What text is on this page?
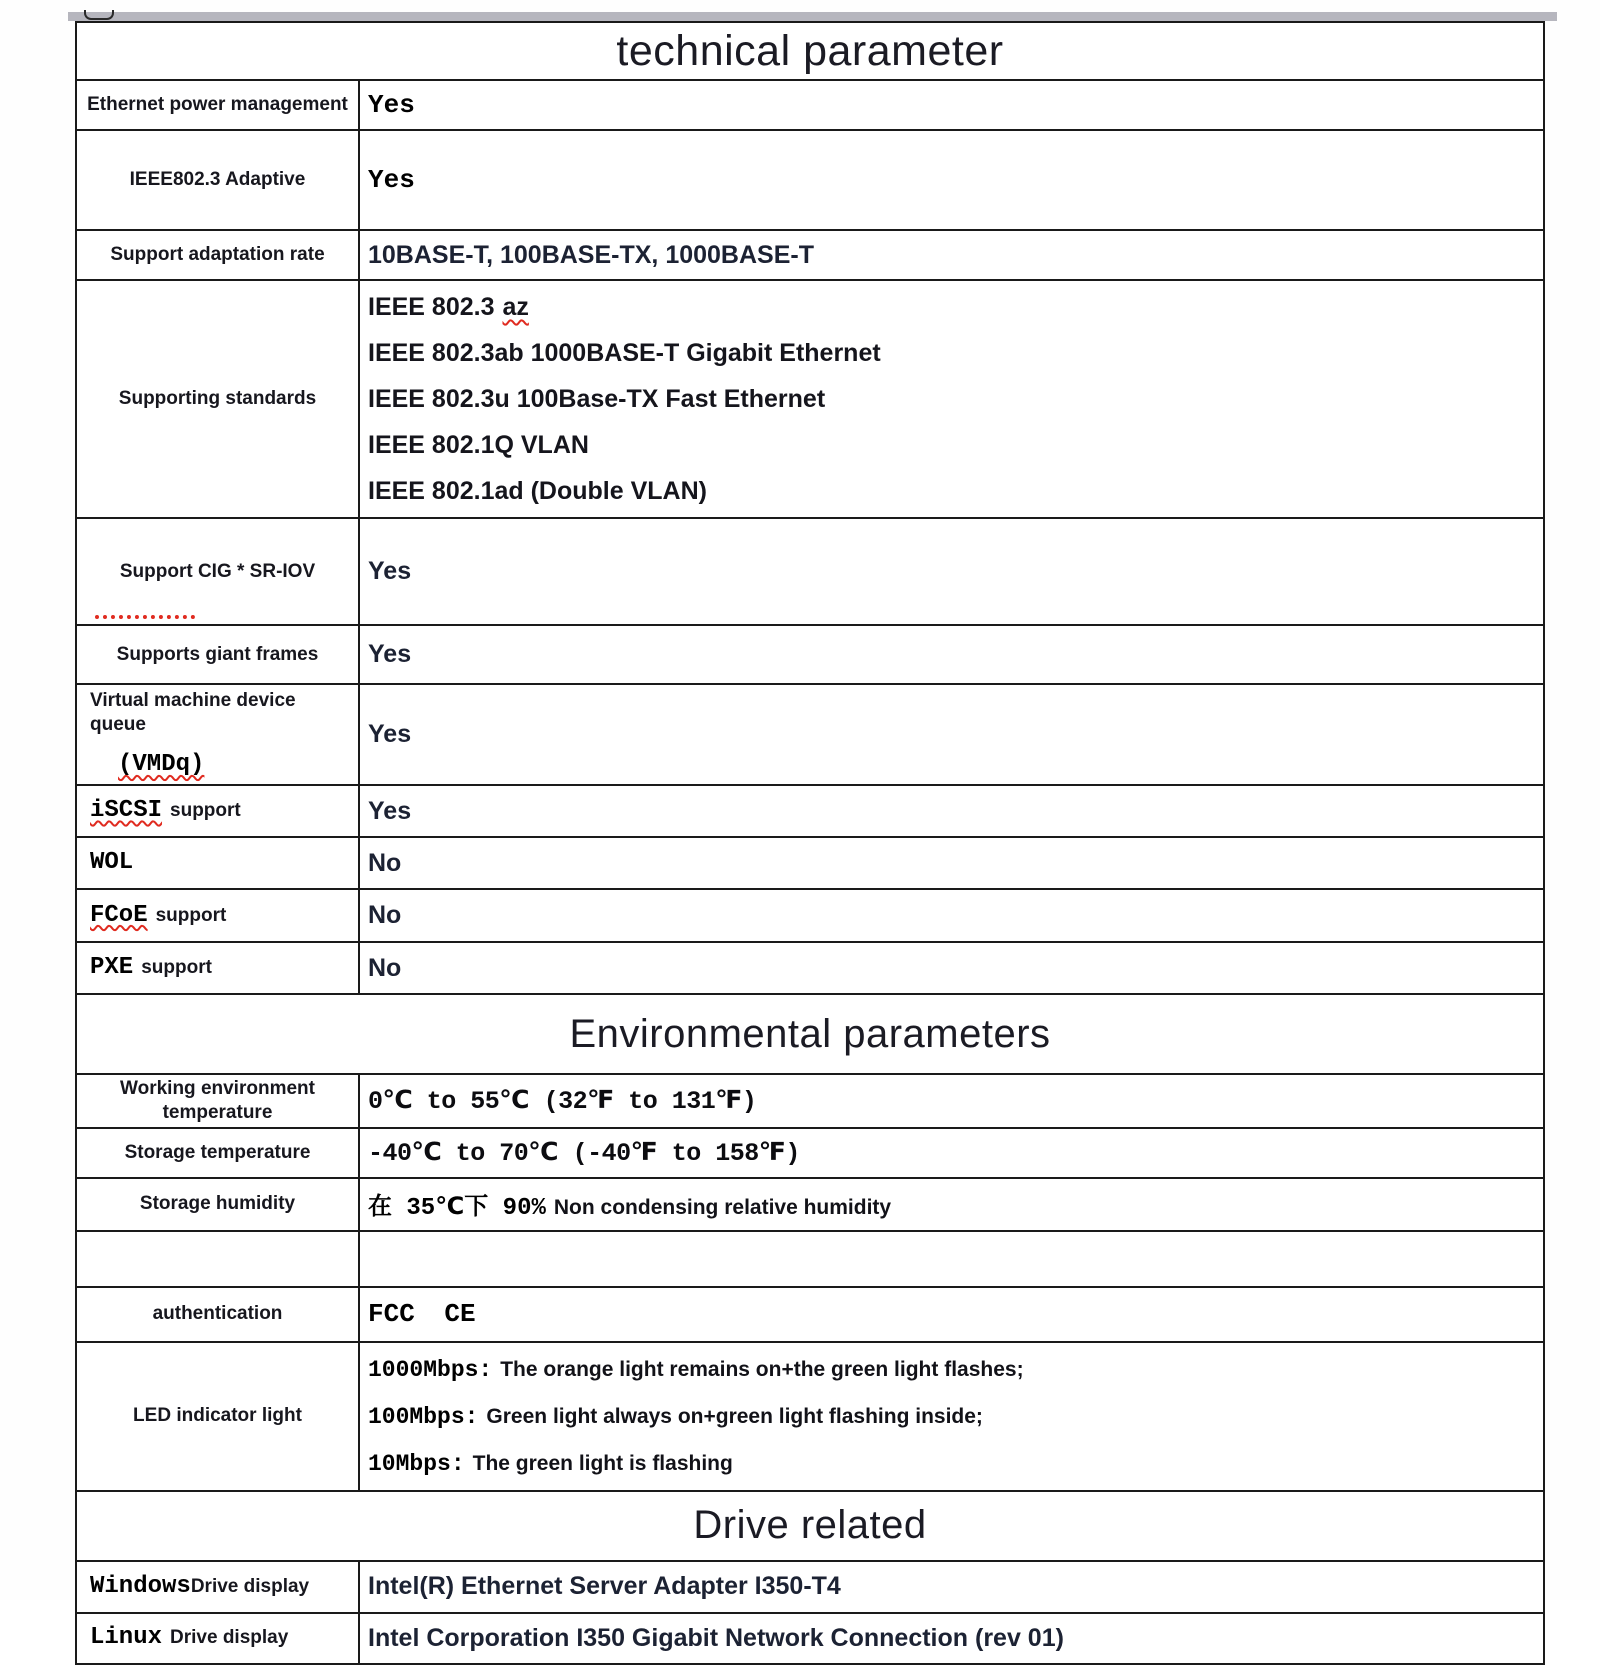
technical parameter	
Ethernet power management	Yes
IEEE802.3 Adaptive	Yes
Support adaptation rate	10BASE-T, 100BASE-TX, 1000BASE-T
Supporting standards	IEEE 802.3 az
IEEE 802.3ab 1000BASE-T Gigabit Ethernet
IEEE 802.3u 100Base-TX Fast Ethernet
IEEE 802.1Q VLAN
IEEE 802.1ad (Double VLAN)

Support CIG * SR-IOV	Yes
Supports giant frames	Yes

Virtual machine device queue
(VMDq)	Yes
iSCSI support	Yes
WOL	No
FCoE support	No
PXE support	No
Environmental parameters	

Working environment
temperature	0℃ to 55℃ (32℉ to 131℉)
Storage temperature	-40℃ to 70℃ (-40℉ to 158℉)
Storage humidity	在 35℃下 90% Non condensing relative humidity

authentication	FCC CE
LED indicator light	1000Mbps: The orange light remains on+the green light flashes;
100Mbps: Green light always on+green light flashing inside;
10Mbps: The green light is flashing

Drive related	
WindowsDrive display	Intel(R) Ethernet Server Adapter I350-T4
Linux Drive display	Intel Corporation I350 Gigabit Network Connection (rev 01)
